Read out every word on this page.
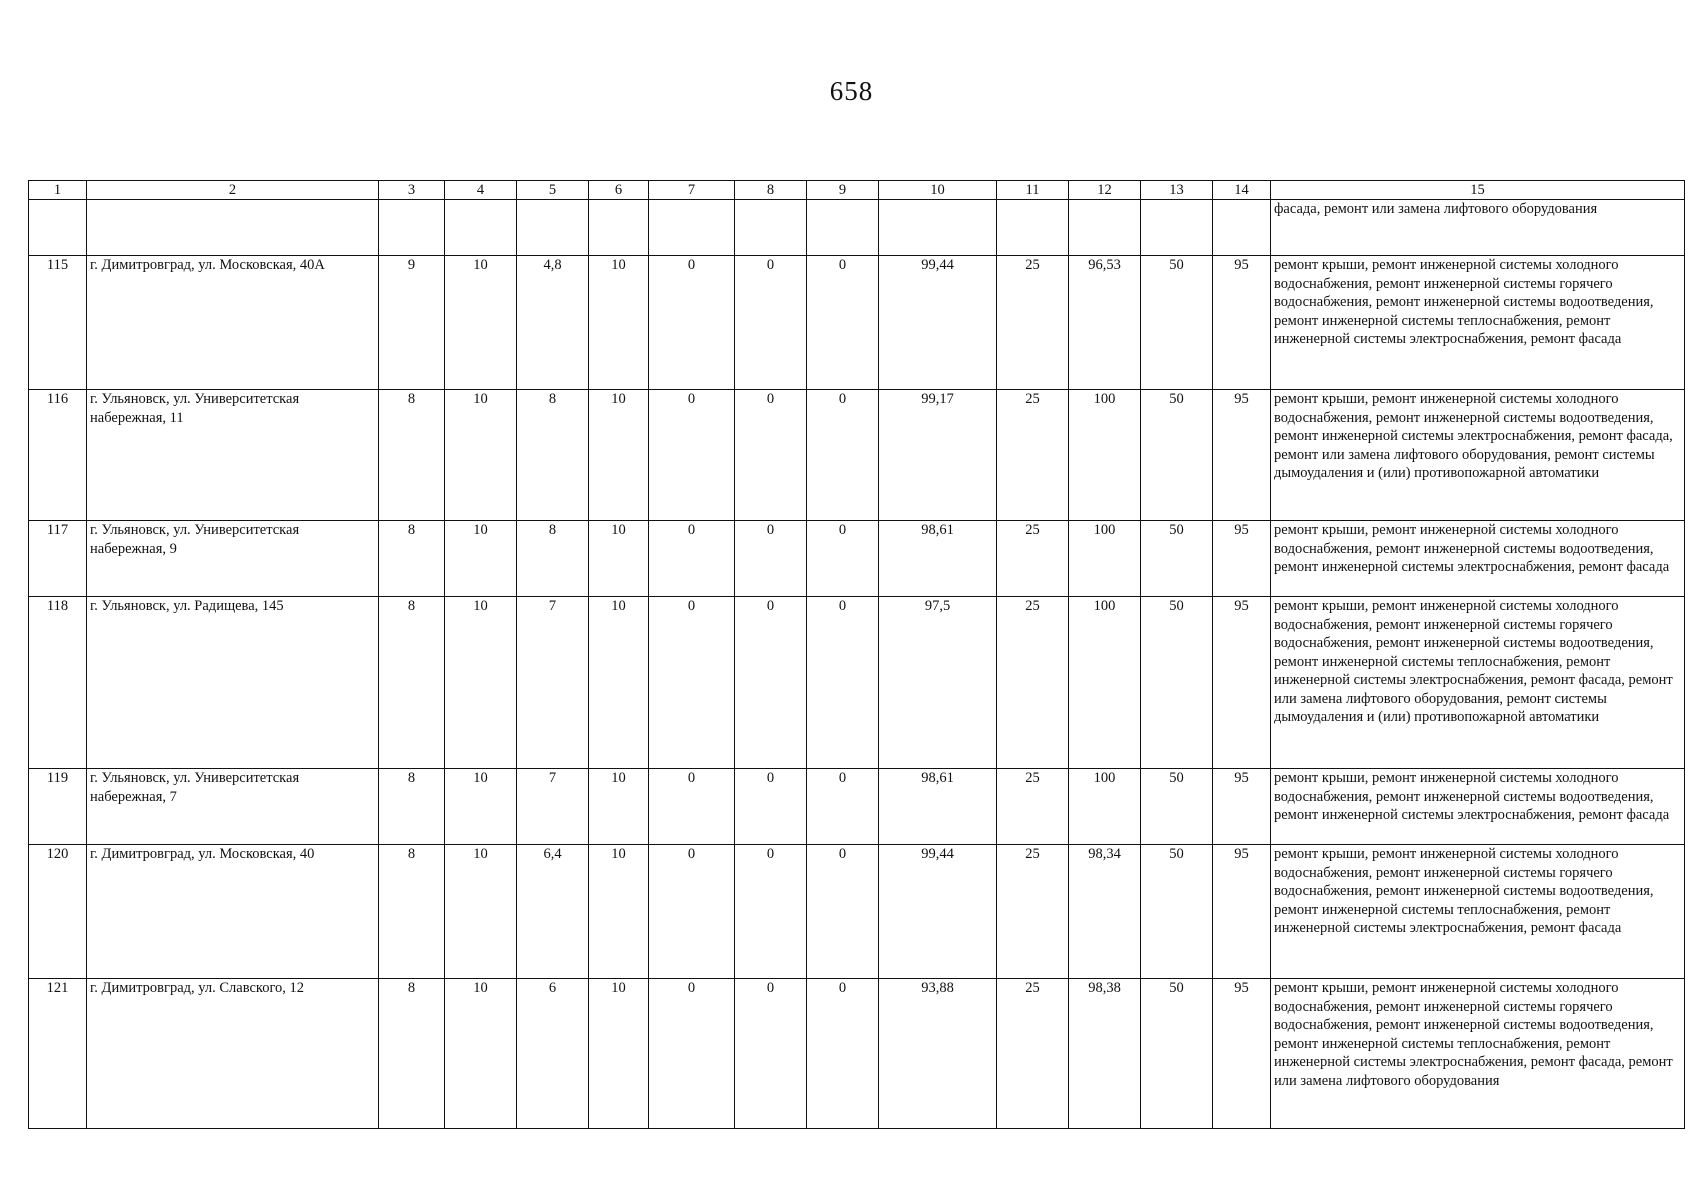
658
1	2	3	4	5	6	7	8	9	10	11	12	13	14	15
														фасада, ремонт или замена лифтового оборудования
115	г. Димитровград, ул. Московская, 40А	9	10	4,8	10	0	0	0	99,44	25	96,53	50	95	ремонт крыши, ремонт инженерной системы холодного водоснабжения, ремонт инженерной системы горячего водоснабжения, ремонт инженерной системы водоотведения, ремонт инженерной системы теплоснабжения, ремонт инженерной системы электроснабжения, ремонт фасада
116	г. Ульяновск, ул. Университетская набережная, 11	8	10	8	10	0	0	0	99,17	25	100	50	95	ремонт крыши, ремонт инженерной системы холодного водоснабжения, ремонт инженерной системы водоотведения, ремонт инженерной системы электроснабжения, ремонт фасада, ремонт или замена лифтового оборудования, ремонт системы дымоудаления и (или) противопожарной автоматики
117	г. Ульяновск, ул. Университетская набережная, 9	8	10	8	10	0	0	0	98,61	25	100	50	95	ремонт крыши, ремонт инженерной системы холодного водоснабжения, ремонт инженерной системы водоотведения, ремонт инженерной системы электроснабжения, ремонт фасада
118	г. Ульяновск, ул. Радищева, 145	8	10	7	10	0	0	0	97,5	25	100	50	95	ремонт крыши, ремонт инженерной системы холодного водоснабжения, ремонт инженерной системы горячего водоснабжения, ремонт инженерной системы водоотведения, ремонт инженерной системы теплоснабжения, ремонт инженерной системы электроснабжения, ремонт фасада, ремонт или замена лифтового оборудования, ремонт системы дымоудаления и (или) противопожарной автоматики
119	г. Ульяновск, ул. Университетская набережная, 7	8	10	7	10	0	0	0	98,61	25	100	50	95	ремонт крыши, ремонт инженерной системы холодного водоснабжения, ремонт инженерной системы водоотведения, ремонт инженерной системы электроснабжения, ремонт фасада
120	г. Димитровград, ул. Московская, 40	8	10	6,4	10	0	0	0	99,44	25	98,34	50	95	ремонт крыши, ремонт инженерной системы холодного водоснабжения, ремонт инженерной системы горячего водоснабжения, ремонт инженерной системы водоотведения, ремонт инженерной системы теплоснабжения, ремонт инженерной системы электроснабжения, ремонт фасада
121	г. Димитровград, ул. Славского, 12	8	10	6	10	0	0	0	93,88	25	98,38	50	95	ремонт крыши, ремонт инженерной системы холодного водоснабжения, ремонт инженерной системы горячего водоснабжения, ремонт инженерной системы водоотведения, ремонт инженерной системы теплоснабжения, ремонт инженерной системы электроснабжения, ремонт фасада, ремонт или замена лифтового оборудования
